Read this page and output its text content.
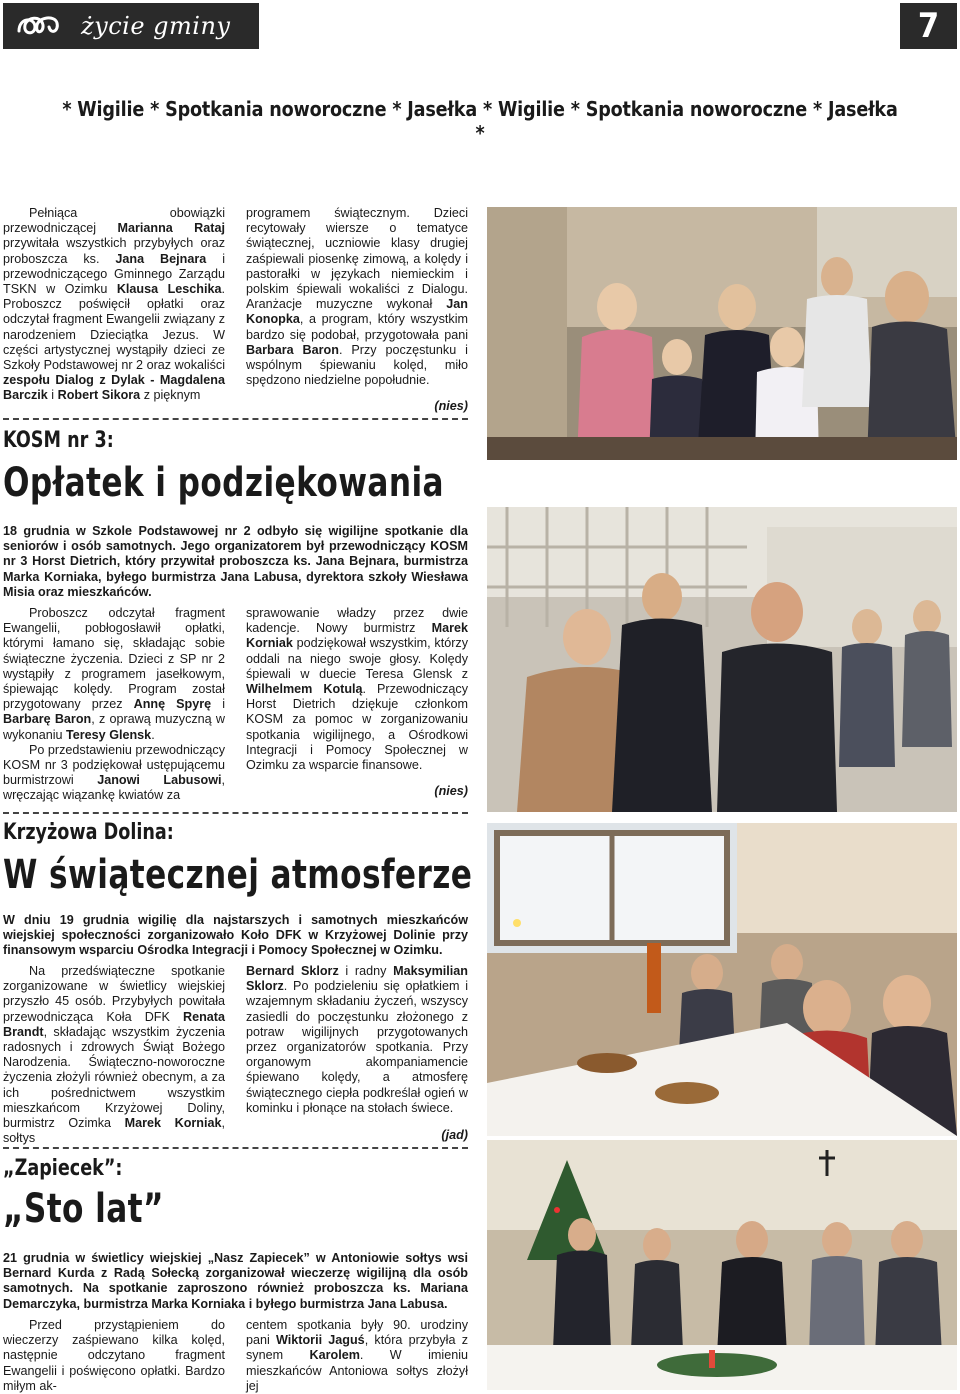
życie gminy	7
* Wigilie * Spotkania noworoczne * Jasełka * Wigilie * Spotkania noworoczne * Jasełka *

Pełniąca obowiązki przewodniczącej Marianna Rataj przywitała wszystkich przybyłych oraz proboszcza ks. Jana Bejnara i przewodniczącego Gminnego Zarządu TSKN w Ozimku Klausa Leschika. Proboszcz poświęcił opłatki oraz odczytał fragment Ewangelii związany z narodzeniem Dzieciątka Jezus. W części artystycznej wystąpiły dzieci ze Szkoły Podstawowej nr 2 oraz wokaliści zespołu Dialog z Dylak - Magdalena Barczik i Robert Sikora z pięknym

programem świątecznym. Dzieci recytowały wiersze o tematyce świątecznej, uczniowie klasy drugiej zaśpiewali piosenkę zimową, a kolędy i pastorałki w językach niemieckim i polskim śpiewali wokaliści z Dialogu. Aranżacje muzyczne wykonał Jan Konopka, a program, który wszystkim bardzo się podobał, przygotowała pani Barbara Baron. Przy poczęstunku i wspólnym śpiewaniu kolęd, miło spędzono niedzielne popołudnie.

(nies)
KOSM nr 3:
Opłatek i podziękowania
18 grudnia w Szkole Podstawowej nr 2 odbyło się wigilijne spotkanie dla seniorów i osób samotnych. Jego organizatorem był przewodniczący KOSM nr 3 Horst Dietrich, który przywitał proboszcza ks. Jana Bejnara, burmistrza Marka Korniaka, byłego burmistrza Jana Labusa, dyrektora szkoły Wiesława Misia oraz mieszkańców.

Proboszcz odczytał fragment Ewangelii, pobłogosławił opłatki, którymi łamano się, składając sobie świąteczne życzenia. Dzieci z SP nr 2 wystąpiły z programem jasełkowym, śpiewając kolędy. Program został przygotowany przez Annę Spyrę i Barbarę Baron, z oprawą muzyczną w wykonaniu Teresy Glensk.

Po przedstawieniu przewodniczący KOSM nr 3 podziękował ustępującemu burmistrzowi Janowi Labusowi, wręczając wiązankę kwiatów za

sprawowanie władzy przez dwie kadencje. Nowy burmistrz Marek Korniak podziękował wszystkim, którzy oddali na niego swoje głosy. Kolędy śpiewali w duecie Teresa Glensk z Wilhelmem Kotulą. Przewodniczący Horst Dietrich dziękuje członkom KOSM za pomoc w zorganizowaniu spotkania wigilijnego, a Ośrodkowi Integracji i Pomocy Społecznej w Ozimku za wsparcie finansowe.

(nies)
Krzyżowa Dolina:
W świątecznej atmosferze
W dniu 19 grudnia wigilię dla najstarszych i samotnych mieszkańców wiejskiej społeczności zorganizowało Koło DFK w Krzyżowej Dolinie przy finansowym wsparciu Ośrodka Integracji i Pomocy Społecznej w Ozimku.

Na przedświąteczne spotkanie zorganizowane w świetlicy wiejskiej przyszło 45 osób. Przybyłych powitała przewodnicząca Koła DFK Renata Brandt, składając wszystkim życzenia radosnych i zdrowych Świąt Bożego Narodzenia. Świąteczno-noworoczne życzenia złożyli również obecnym, a za ich pośrednictwem wszystkim mieszkańcom Krzyżowej Doliny, burmistrz Ozimka Marek Korniak, sołtys

Bernard Sklorz i radny Maksymilian Sklorz. Po podzieleniu się opłatkiem i wzajemnym składaniu życzeń, wszyscy zasiedli do poczęstunku złożonego z potraw wigilijnych przygotowanych przez organizatorów spotkania. Przy organowym akompaniamencie śpiewano kolędy, a atmosferę świątecznego ciepła podkreślał ogień w kominku i płonące na stołach świece.

(jad)
„Zapiecek”:
„Sto lat”
21 grudnia w świetlicy wiejskiej „Nasz Zapiecek” w Antoniowie sołtys wsi Bernard Kurda z Radą Sołecką zorganizował wieczerzę wigilijną dla osób samotnych. Na spotkanie zaproszono również proboszcza ks. Mariana Demarczyka, burmistrza Marka Korniaka i byłego burmistrza Jana Labusa.
Przed przystąpieniem do wieczerzy zaśpiewano kilka kolęd, następnie odczytano fragment Ewangelii i poświęcono opłatki. Bardzo miłym ak-

centem spotkania były 90. urodziny pani Wiktorii Jaguś, która przybyła z synem Karolem. W imieniu mieszkańców Antoniowa sołtys złożył jej
